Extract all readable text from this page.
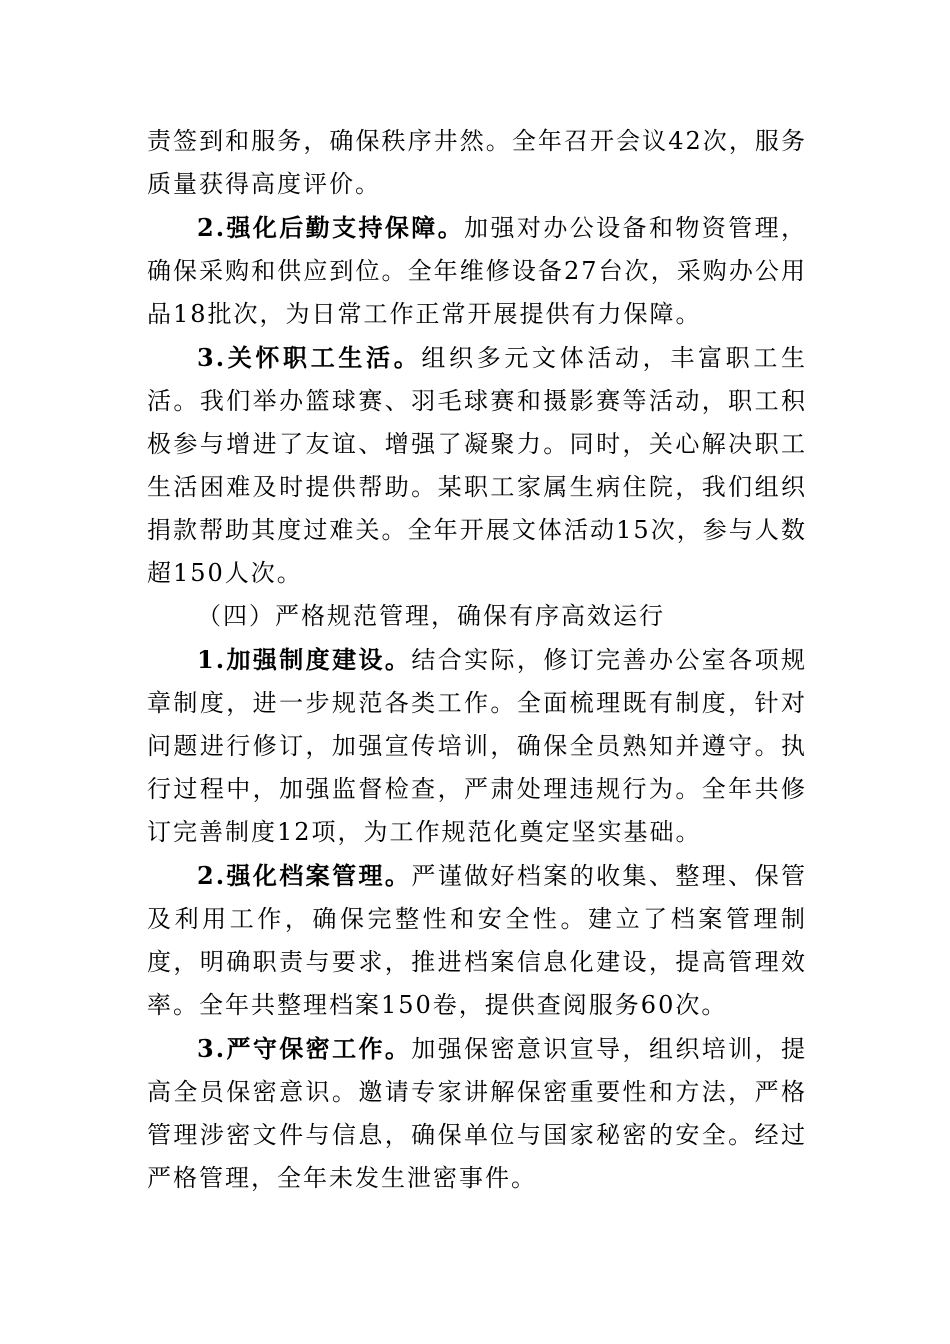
责签到和服务，确保秩序井然。全年召开会议42次，服务质量获得高度评价。

2.强化后勤支持保障。加强对办公设备和物资管理，确保采购和供应到位。全年维修设备27台次，采购办公用品18批次，为日常工作正常开展提供有力保障。

3.关怀职工生活。组织多元文体活动，丰富职工生活。我们举办篮球赛、羽毛球赛和摄影赛等活动，职工积极参与增进了友谊、增强了凝聚力。同时，关心解决职工生活困难及时提供帮助。某职工家属生病住院，我们组织捐款帮助其度过难关。全年开展文体活动15次，参与人数超150人次。

（四）严格规范管理，确保有序高效运行

1.加强制度建设。结合实际，修订完善办公室各项规章制度，进一步规范各类工作。全面梳理既有制度，针对问题进行修订，加强宣传培训，确保全员熟知并遵守。执行过程中，加强监督检查，严肃处理违规行为。全年共修订完善制度12项，为工作规范化奠定坚实基础。

2.强化档案管理。严谨做好档案的收集、整理、保管及利用工作，确保完整性和安全性。建立了档案管理制度，明确职责与要求，推进档案信息化建设，提高管理效率。全年共整理档案150卷，提供查阅服务60次。

3.严守保密工作。加强保密意识宣导，组织培训，提高全员保密意识。邀请专家讲解保密重要性和方法，严格管理涉密文件与信息，确保单位与国家秘密的安全。经过严格管理，全年未发生泄密事件。
